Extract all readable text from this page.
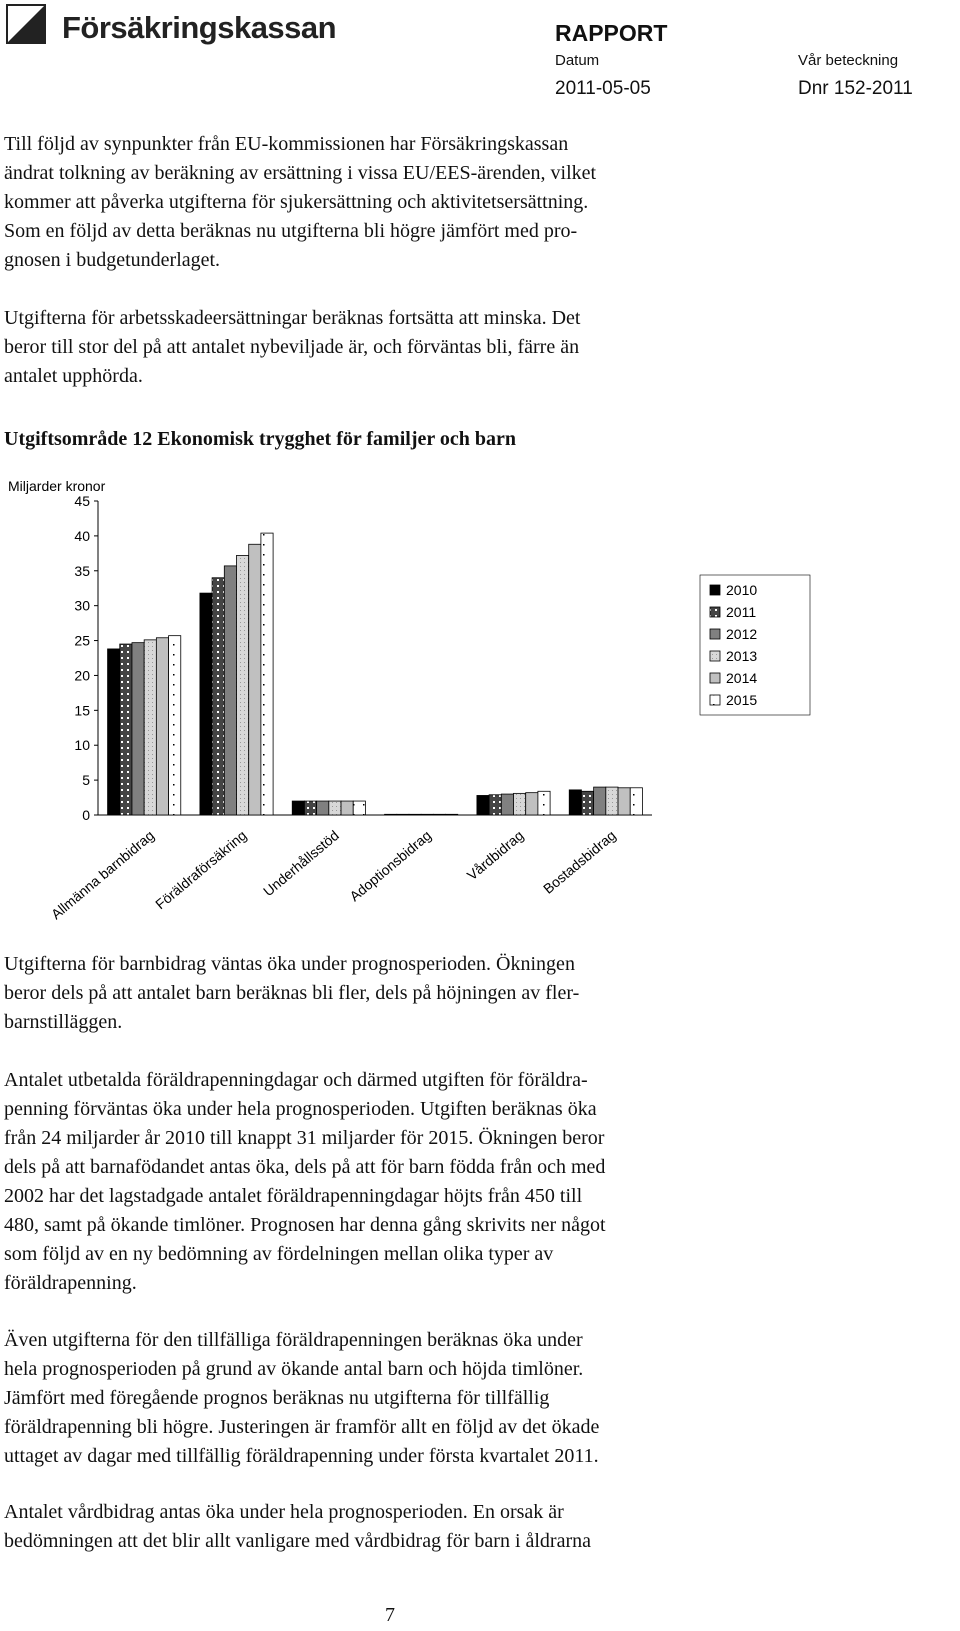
Försäkringskassan	RAPPORT
Datum	Vår beteckning
2011-05-05	Dnr 152-2011

Till följd av synpunkter från EU-kommissionen har Försäkringskassan
ändrat tolkning av beräkning av ersättning i vissa EU/EES-ärenden, vilket
kommer att påverka utgifterna för sjukersättning och aktivitetsersättning.
Som en följd av detta beräknas nu utgifterna bli högre jämfört med pro-
gnosen i budgetunderlaget.

Utgifterna för arbetsskadeersättningar beräknas fortsätta att minska. Det
beror till stor del på att antalet nybeviljade är, och förväntas bli, färre än
antalet upphörda.

Utgiftsområde 12 Ekonomisk trygghet för familjer och barn
Miljarder kronor
0
5
10
15
20
25
30
35
40
45
Allmänna barnbidrag
Föräldraförsäkring Underhållsstöd Adoptionsbidrag Vårdbidrag Bostadsbidrag
2010
2011
2012
2013
2014
2015

Utgifterna för barnbidrag väntas öka under prognosperioden. Ökningen
beror dels på att antalet barn beräknas bli fler, dels på höjningen av fler-
barnstilläggen.

Antalet utbetalda föräldrapenningdagar och därmed utgiften för föräldra-
penning förväntas öka under hela prognosperioden. Utgiften beräknas öka
från 24 miljarder år 2010 till knappt 31 miljarder för 2015. Ökningen beror
dels på att barnafödandet antas öka, dels på att för barn födda från och med
2002 har det lagstadgade antalet föräldrapenningdagar höjts från 450 till
480, samt på ökande timlöner. Prognosen har denna gång skrivits ner något
som följd av en ny bedömning av fördelningen mellan olika typer av
föräldrapenning.

Även utgifterna för den tillfälliga föräldrapenningen beräknas öka under
hela prognosperioden på grund av ökande antal barn och höjda timlöner.
Jämfört med föregående prognos beräknas nu utgifterna för tillfällig
föräldrapenning bli högre. Justeringen är framför allt en följd av det ökade
uttaget av dagar med tillfällig föräldrapenning under första kvartalet 2011.

Antalet vårdbidrag antas öka under hela prognosperioden. En orsak är
bedömningen att det blir allt vanligare med vårdbidrag för barn i åldrarna

7
